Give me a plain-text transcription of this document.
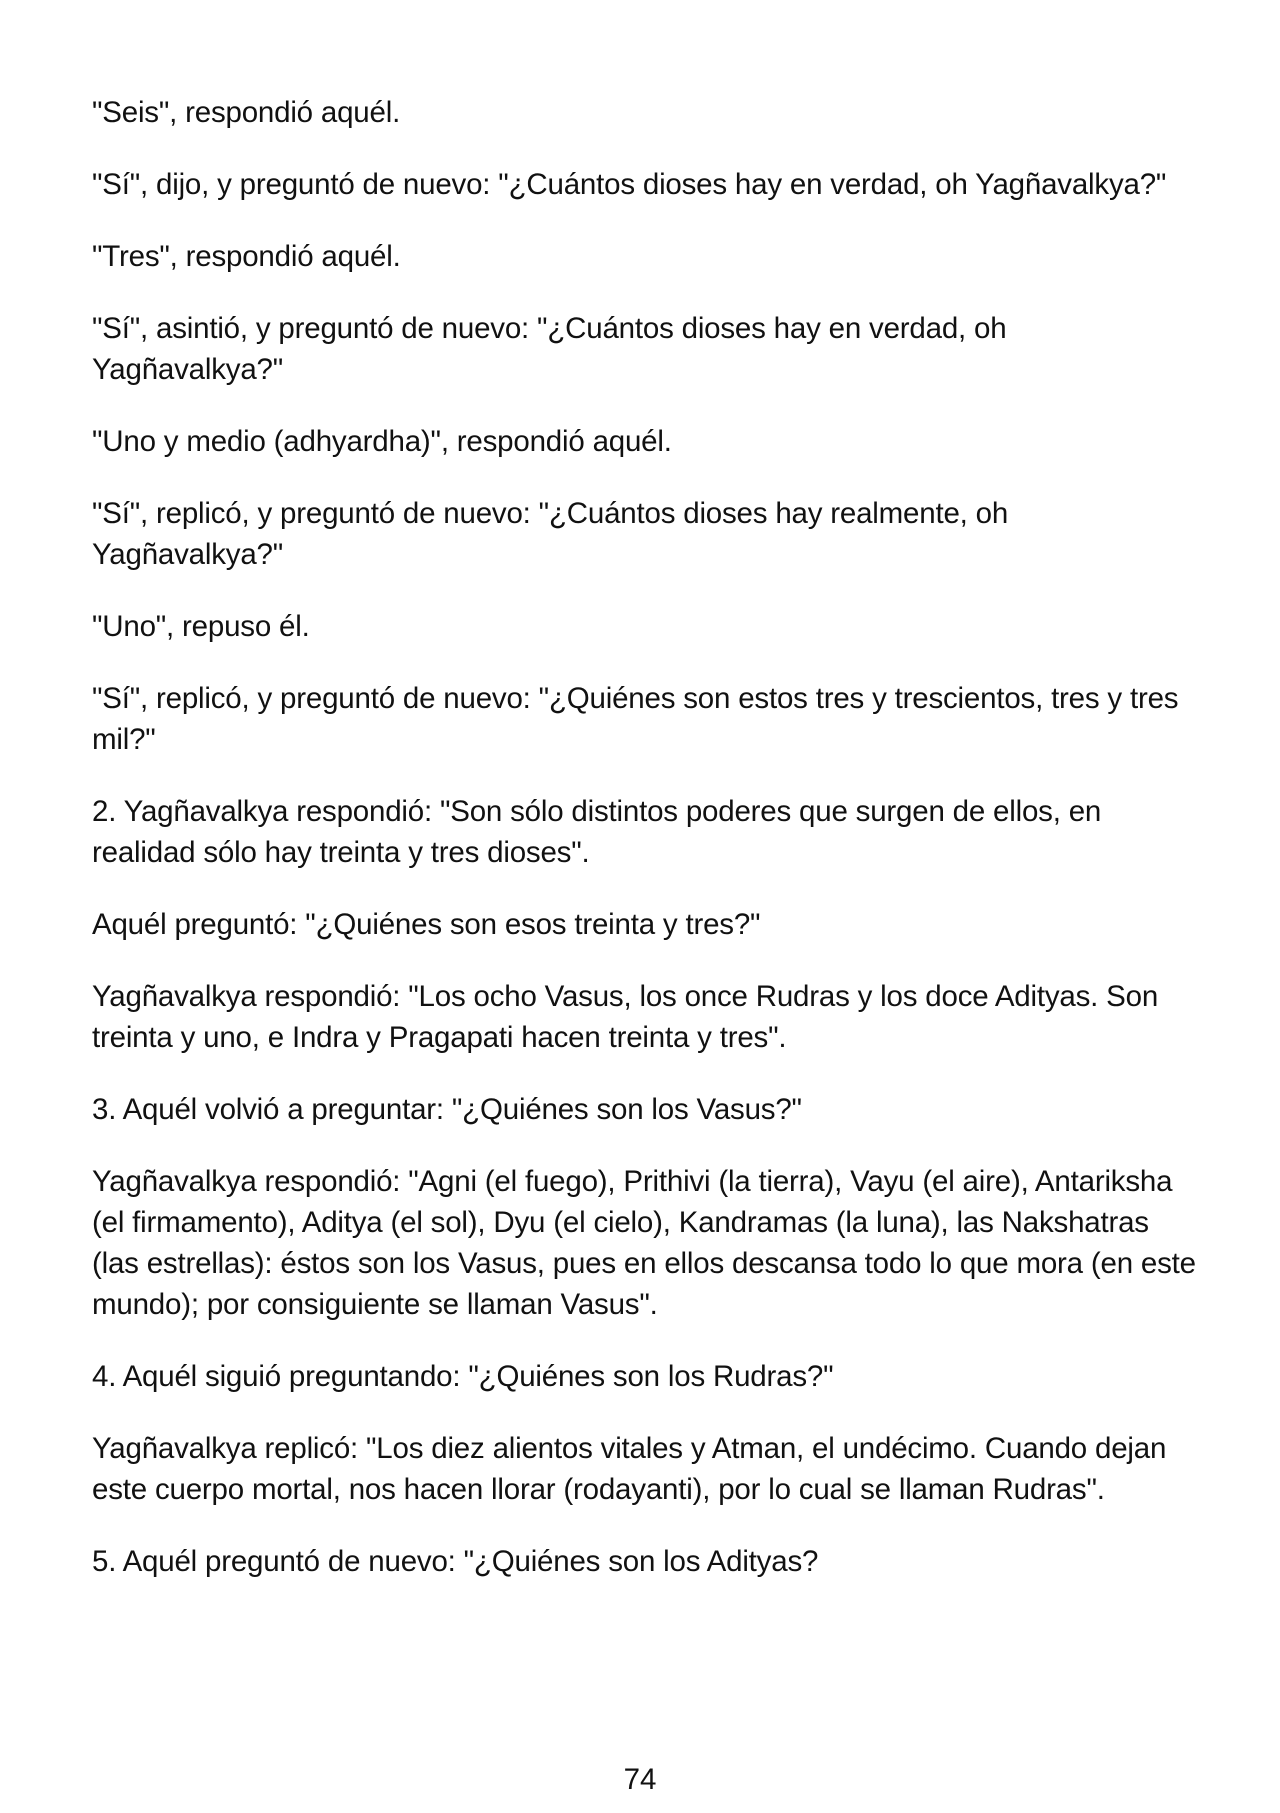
"Seis", respondió aquél.

"Sí", dijo, y preguntó de nuevo: "¿Cuántos dioses hay en verdad, oh Yagñavalkya?"

"Tres", respondió aquél.

"Sí", asintió, y preguntó de nuevo: "¿Cuántos dioses hay en verdad, oh Yagñavalkya?"

"Uno y medio (adhyardha)", respondió aquél.

"Sí", replicó, y preguntó de nuevo: "¿Cuántos dioses hay realmente, oh Yagñavalkya?"

"Uno", repuso él.

"Sí", replicó, y preguntó de nuevo: "¿Quiénes son estos tres y trescientos, tres y tres mil?"

2. Yagñavalkya respondió: "Son sólo distintos poderes que surgen de ellos, en realidad sólo hay treinta y tres dioses".

Aquél preguntó: "¿Quiénes son esos treinta y tres?"

Yagñavalkya respondió: "Los ocho Vasus, los once Rudras y los doce Adityas. Son treinta y uno, e Indra y Pragapati hacen treinta y tres".

3. Aquél volvió a preguntar: "¿Quiénes son los Vasus?"

Yagñavalkya respondió: "Agni (el fuego), Prithivi (la tierra), Vayu (el aire), Antariksha (el firmamento), Aditya (el sol), Dyu (el cielo), Kandramas (la luna), las Nakshatras (las estrellas): éstos son los Vasus, pues en ellos descansa todo lo que mora (en este mundo); por consiguiente se llaman Vasus".

4. Aquél siguió preguntando: "¿Quiénes son los Rudras?"

Yagñavalkya replicó: "Los diez alientos vitales y Atman, el undécimo. Cuando dejan este cuerpo mortal, nos hacen llorar (rodayanti), por lo cual se llaman Rudras".

5. Aquél preguntó de nuevo: "¿Quiénes son los Adityas?

74
